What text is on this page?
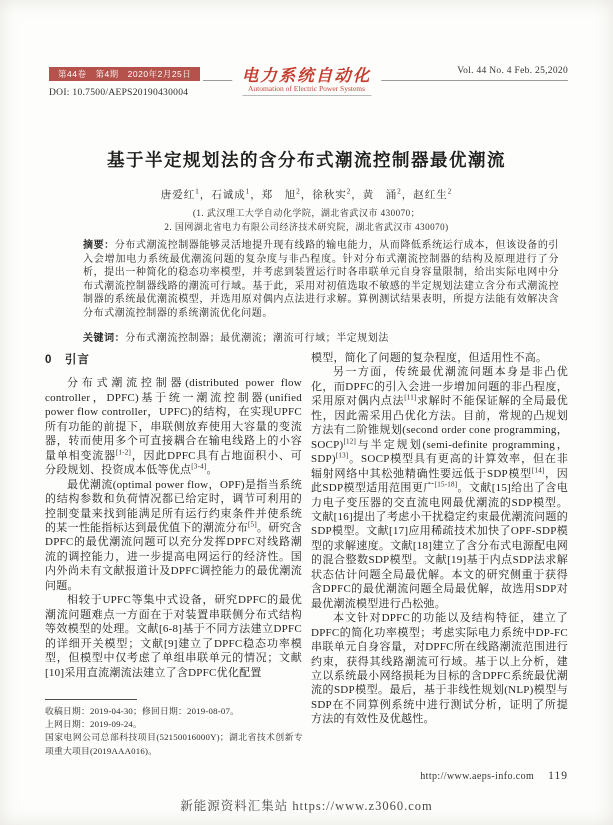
第44卷　第4期　2020年2月25日
DOI: 10.7500/AEPS20190430004
电力系统自动化
Automation of Electric Power Systems
Vol. 44 No. 4 Feb. 25,2020
基于半定规划法的含分布式潮流控制器最优潮流
唐爱红$^1$，石诚成$^1$，郑　旭$^2$，徐秋实$^2$，黄　涌$^2$，赵红生$^2$
(1. 武汉理工大学自动化学院，湖北省武汉市 430070；
2. 国网湖北省电力有限公司经济技术研究院，湖北省武汉市 430070)
摘要：分布式潮流控制器能够灵活地提升现有线路的输电能力，从而降低系统运行成本，但该设备的引入会增加电力系统最优潮流问题的复杂度与非凸程度。针对分布式潮流控制器的结构及原理进行了分析，提出一种简化的稳态功率模型，并考虑到装置运行时各串联单元自身容量限制，给出实际电网中分布式潮流控制器线路的潮流可行域。基于此，采用对初值选取不敏感的半定规划法建立含分布式潮流控制器的系统最优潮流模型，并选用原对偶内点法进行求解。算例测试结果表明，所提方法能有效解决含分布式潮流控制器的系统潮流优化问题。
关键词：分布式潮流控制器；最优潮流；潮流可行域；半定规划法
0　引言

分布式潮流控制器(distributed power flow controller，DPFC)基于统一潮流控制器(unified power flow controller，UPFC)的结构，在实现UPFC所有功能的前提下，串联侧放弃使用大容量的变流器，转而使用多个可直接耦合在输电线路上的小容量单相变流器[1-2]，因此DPFC具有占地面积小、可分段规划、投资成本低等优点[3-4]。

最优潮流(optimal power flow，OPF)是指当系统的结构参数和负荷情况都已给定时，调节可利用的控制变量来找到能满足所有运行约束条件并使系统的某一性能指标达到最优值下的潮流分布[5]。研究含DPFC的最优潮流问题可以充分发挥DPFC对线路潮流的调控能力，进一步提高电网运行的经济性。国内外尚未有文献报道计及DPFC调控能力的最优潮流问题。

相较于UPFC等集中式设备，研究DPFC的最优潮流问题难点一方面在于对装置串联侧分布式结构等效模型的处理。文献[6-8]基于不同方法建立DPFC的详细开关模型；文献[9]建立了DPFC稳态功率模型，但模型中仅考虑了单组串联单元的情况；文献[10]采用直流潮流法建立了含DPFC优化配置

模型，简化了问题的复杂程度，但适用性不高。

另一方面，传统最优潮流问题本身是非凸优化，而DPFC的引入会进一步增加问题的非凸程度，采用原对偶内点法[11]求解时不能保证解的全局最优性，因此需采用凸优化方法。目前，常规的凸规划方法有二阶锥规划(second order cone programming，SOCP)[12]与半定规划(semi-definite programming，SDP)[13]。SOCP模型具有更高的计算效率，但在非辐射网络中其松弛精确性要远低于SDP模型[14]，因此SDP模型适用范围更广[15-18]。文献[15]给出了含电力电子变压器的交直流电网最优潮流的SDP模型。文献[16]提出了考虑小干扰稳定约束最优潮流问题的SDP模型。文献[17]应用稀疏技术加快了OPF-SDP模型的求解速度。文献[18]建立了含分布式电源配电网的混合整数SDP模型。文献[19]基于内点SDP法求解状态估计问题全局最优解。本文的研究侧重于获得含DPFC的最优潮流问题全局最优解，故选用SDP对最优潮流模型进行凸松弛。

本文针对DPFC的功能以及结构特征，建立了DPFC的简化功率模型；考虑实际电力系统中DP-FC串联单元自身容量，对DPFC所在线路潮流范围进行约束，获得其线路潮流可行域。基于以上分析，建立以系统最小网络损耗为目标的含DPFC系统最优潮流的SDP模型。最后，基于非线性规划(NLP)模型与SDP在不同算例系统中进行测试分析，证明了所提方法的有效性及优越性。

收稿日期：2019-04-30；修回日期：2019-08-07。
上网日期：2019-09-24。
国家电网公司总部科技项目(52150016000Y)；湖北省技术创新专项重大项目(2019AAA016)。
http://www.aeps-info.com 119
新能源资料汇集站 https://www.z3060.com
